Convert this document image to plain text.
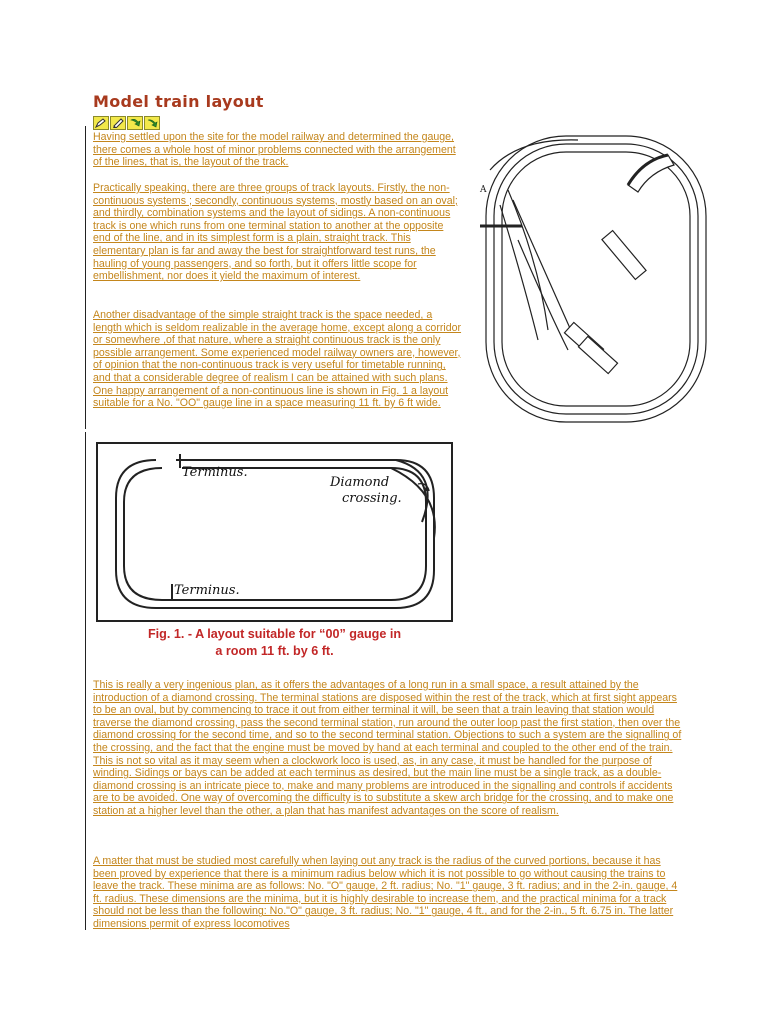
Model train layout

Having settled upon the site for the model railway and determined the gauge, there comes a whole host of minor problems connected with the arrangement of the lines, that is, the layout of the track.

Practically speaking, there are three groups of track layouts. Firstly, the non-continuous systems ; secondly, continuous systems, mostly based on an oval; and thirdly, combination systems and the layout of sidings. A non-continuous track is one which runs from one terminal station to another at the opposite end of the line, and in its simplest form is a plain, straight track. This elementary plan is far and away the best for straightforward test runs, the hauling of young passengers, and so forth, but it offers little scope for embellishment, nor does it yield the maximum of interest.

Another disadvantage of the simple straight track is the space needed, a length which is seldom realizable in the average home, except along a corridor or somewhere ,of that nature, where a straight continuous track is the only possible arrangement. Some experienced model railway owners are, however, of opinion that the non-continuous track is very useful for timetable running, and that a considerable degree of realism I can be attained with such plans. One happy arrangement of a non-continuous line is shown in Fig. 1 a layout suitable for a No. "OO" gauge line in a space measuring 11 ft. by 6 ft wide.

A
Terminus.
Diamond
crossing.
Terminus.

Fig. 1. - A layout suitable for “00” gauge in

a room 11 ft. by 6 ft.

This is really a very ingenious plan, as it offers the advantages of a long run in a small space, a result attained by the introduction of a diamond crossing. The terminal stations are disposed within the rest of the track, which at first sight appears to be an oval, but by commencing to trace it out from either terminal it will, be seen that a train leaving that station would traverse the diamond crossing, pass the second terminal station, run around the outer loop past the first station, then over the diamond crossing for the second time, and so to the second terminal station. Objections to such a system are the signalling of the crossing, and the fact that the engine must be moved by hand at each terminal and coupled to the other end of the train. This is not so vital as it may seem when a clockwork loco is used, as, in any case, it must be handled for the purpose of winding. Sidings or bays can be added at each terminus as desired, but the main line must be a single track, as a double-diamond crossing is an intricate piece to, make and many problems are introduced in the signalling and controls if accidents are to be avoided. One way of overcoming the difficulty is to substitute a skew arch bridge for the crossing, and to make one station at a higher level than the other, a plan that has manifest advantages on the score of realism.

A matter that must be studied most carefully when laying out any track is the radius of the curved portions, because it has been proved by experience that there is a minimum radius below which it is not possible to go without causing the trains to leave the track. These minima are as follows: No. "O" gauge, 2 ft. radius; No. "1" gauge, 3 ft. radius; and in the 2-in. gauge, 4 ft. radius. These dimensions are the minima, but it is highly desirable to increase them, and the practical minima for a track should not be less than the following: No."O" gauge, 3 ft. radius; No. "1" gauge, 4 ft., and for the 2-in., 5 ft. 6.75 in. The latter dimensions permit of express locomotives
